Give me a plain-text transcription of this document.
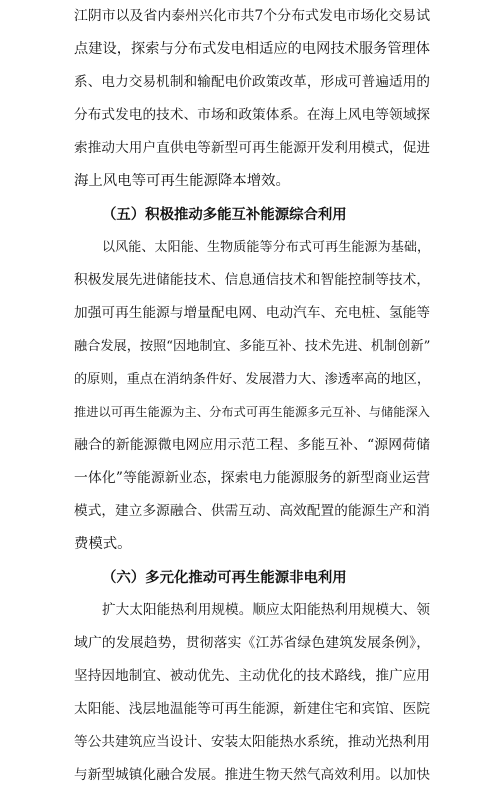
江阴市以及省内泰州兴化市共7个分布式发电市场化交易试
点建设，探索与分布式发电相适应的电网技术服务管理体
系、电力交易机制和输配电价政策改革，形成可普遍适用的
分布式发电的技术、市场和政策体系。在海上风电等领域探
索推动大用户直供电等新型可再生能源开发利用模式，促进
海上风电等可再生能源降本增效。
（五）积极推动多能互补能源综合利用
以风能、太阳能、生物质能等分布式可再生能源为基础，
积极发展先进储能技术、信息通信技术和智能控制等技术，
加强可再生能源与增量配电网、电动汽车、充电桩、氢能等
融合发展，按照“因地制宜、多能互补、技术先进、机制创新”
的原则，重点在消纳条件好、发展潜力大、渗透率高的地区，
推进以可再生能源为主、分布式可再生能源多元互补、与储能深入
融合的新能源微电网应用示范工程、多能互补、“源网荷储
一体化”等能源新业态，探索电力能源服务的新型商业运营
模式，建立多源融合、供需互动、高效配置的能源生产和消
费模式。
（六）多元化推动可再生能源非电利用
扩大太阳能热利用规模。顺应太阳能热利用规模大、领
域广的发展趋势，贯彻落实《江苏省绿色建筑发展条例》，
坚持因地制宜、被动优先、主动优化的技术路线，推广应用
太阳能、浅层地温能等可再生能源，新建住宅和宾馆、医院
等公共建筑应当设计、安装太阳能热水系统，推动光热利用
与新型城镇化融合发展。推进生物天然气高效利用。以加快
